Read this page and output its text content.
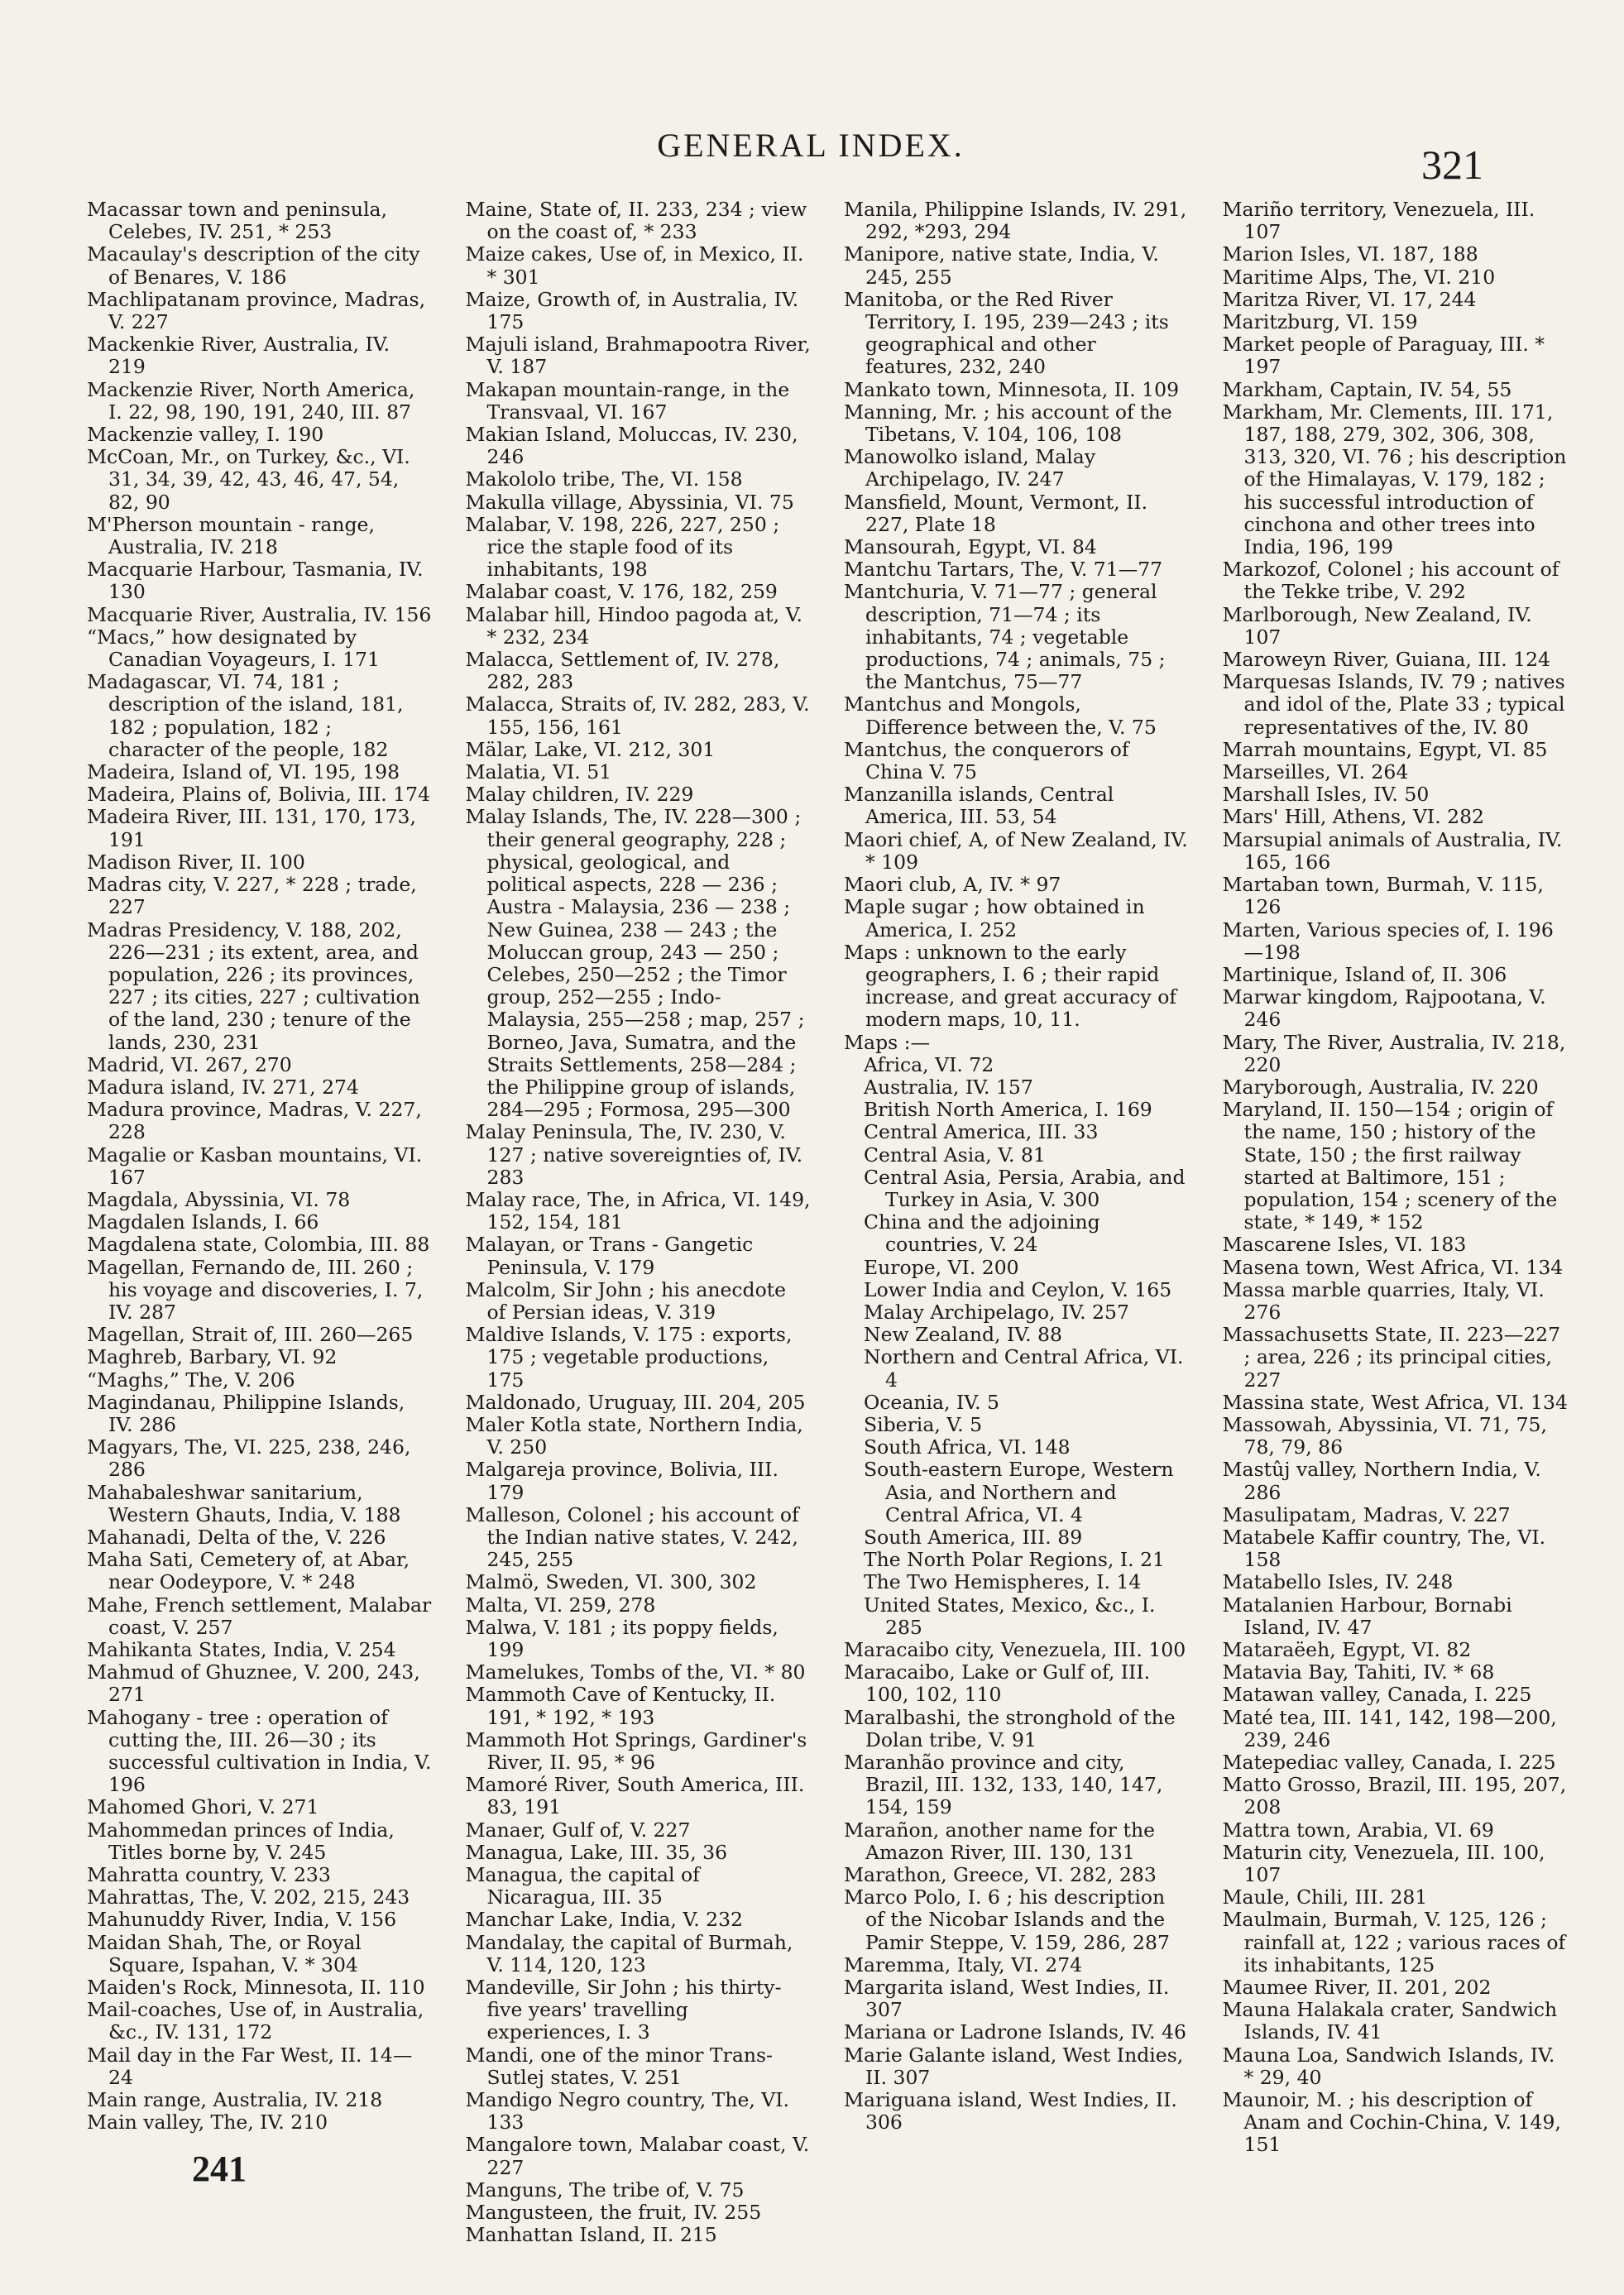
GENERAL INDEX.	321
Macassar town and peninsula, Celebes, IV. 251, * 253
Macaulay's description of the city of Benares, V. 186
Machlipatanam province, Madras, V. 227
Mackenkie River, Australia, IV. 219
Mackenzie River, North America, I. 22, 98, 190, 191, 240, III. 87
Mackenzie valley, I. 190
McCoan, Mr., on Turkey, &c., VI. 31, 34, 39, 42, 43, 46, 47, 54, 82, 90
M'Pherson mountain - range, Australia, IV. 218
Macquarie Harbour, Tasmania, IV. 130
Macquarie River, Australia, IV. 156
“Macs,” how designated by Canadian Voyageurs, I. 171
Madagascar, VI. 74, 181 ; description of the island, 181, 182 ; population, 182 ; character of the people, 182
Madeira, Island of, VI. 195, 198
Madeira, Plains of, Bolivia, III. 174
Madeira River, III. 131, 170, 173, 191
Madison River, II. 100
Madras city, V. 227, * 228 ; trade, 227
Madras Presidency, V. 188, 202, 226—231 ; its extent, area, and population, 226 ; its provinces, 227 ; its cities, 227 ; cultivation of the land, 230 ; tenure of the lands, 230, 231
Madrid, VI. 267, 270
Madura island, IV. 271, 274
Madura province, Madras, V. 227, 228
Magalie or Kasban mountains, VI. 167
Magdala, Abyssinia, VI. 78
Magdalen Islands, I. 66
Magdalena state, Colombia, III. 88
Magellan, Fernando de, III. 260 ; his voyage and discoveries, I. 7, IV. 287
Magellan, Strait of, III. 260—265
Maghreb, Barbary, VI. 92
“Maghs,” The, V. 206
Magindanau, Philippine Islands, IV. 286
Magyars, The, VI. 225, 238, 246, 286
Mahabaleshwar sanitarium, Western Ghauts, India, V. 188
Mahanadi, Delta of the, V. 226
Maha Sati, Cemetery of, at Abar, near Oodeypore, V. * 248
Mahe, French settlement, Malabar coast, V. 257
Mahikanta States, India, V. 254
Mahmud of Ghuznee, V. 200, 243, 271
Mahogany - tree : operation of cutting the, III. 26—30 ; its successful cultivation in India, V. 196
Mahomed Ghori, V. 271
Mahommedan princes of India, Titles borne by, V. 245
Mahratta country, V. 233
Mahrattas, The, V. 202, 215, 243
Mahunuddy River, India, V. 156
Maidan Shah, The, or Royal Square, Ispahan, V. * 304
Maiden's Rock, Minnesota, II. 110
Mail-coaches, Use of, in Australia, &c., IV. 131, 172
Mail day in the Far West, II. 14—24
Main range, Australia, IV. 218
Main valley, The, IV. 210
Maine, State of, II. 233, 234 ; view on the coast of, * 233
Maize cakes, Use of, in Mexico, II. * 301
Maize, Growth of, in Australia, IV. 175
Majuli island, Brahmapootra River, V. 187
Makapan mountain-range, in the Transvaal, VI. 167
Makian Island, Moluccas, IV. 230, 246
Makololo tribe, The, VI. 158
Makulla village, Abyssinia, VI. 75
Malabar, V. 198, 226, 227, 250 ; rice the staple food of its inhabitants, 198
Malabar coast, V. 176, 182, 259
Malabar hill, Hindoo pagoda at, V. * 232, 234
Malacca, Settlement of, IV. 278, 282, 283
Malacca, Straits of, IV. 282, 283, V. 155, 156, 161
Mälar, Lake, VI. 212, 301
Malatia, VI. 51
Malay children, IV. 229
Malay Islands, The, IV. 228—300 ; their general geography, 228 ; physical, geological, and political aspects, 228 — 236 ; Austra - Malaysia, 236 — 238 ; New Guinea, 238 — 243 ; the Moluccan group, 243 — 250 ; Celebes, 250—252 ; the Timor group, 252—255 ; Indo-Malaysia, 255—258 ; map, 257 ; Borneo, Java, Sumatra, and the Straits Settlements, 258—284 ; the Philippine group of islands, 284—295 ; Formosa, 295—300
Malay Peninsula, The, IV. 230, V. 127 ; native sovereignties of, IV. 283
Malay race, The, in Africa, VI. 149, 152, 154, 181
Malayan, or Trans - Gangetic Peninsula, V. 179
Malcolm, Sir John ; his anecdote of Persian ideas, V. 319
Maldive Islands, V. 175 : exports, 175 ; vegetable productions, 175
Maldonado, Uruguay, III. 204, 205
Maler Kotla state, Northern India, V. 250
Malgareja province, Bolivia, III. 179
Malleson, Colonel ; his account of the Indian native states, V. 242, 245, 255
Malmö, Sweden, VI. 300, 302
Malta, VI. 259, 278
Malwa, V. 181 ; its poppy fields, 199
Mamelukes, Tombs of the, VI. * 80
Mammoth Cave of Kentucky, II. 191, * 192, * 193
Mammoth Hot Springs, Gardiner's River, II. 95, * 96
Mamoré River, South America, III. 83, 191
Manaer, Gulf of, V. 227
Managua, Lake, III. 35, 36
Managua, the capital of Nicaragua, III. 35
Manchar Lake, India, V. 232
Mandalay, the capital of Burmah, V. 114, 120, 123
Mandeville, Sir John ; his thirty-five years' travelling experiences, I. 3
Mandi, one of the minor Trans-Sutlej states, V. 251
Mandigo Negro country, The, VI. 133
Mangalore town, Malabar coast, V. 227
Manguns, The tribe of, V. 75
Mangusteen, the fruit, IV. 255
Manhattan Island, II. 215
Manila, Philippine Islands, IV. 291, 292, *293, 294
Manipore, native state, India, V. 245, 255
Manitoba, or the Red River Territory, I. 195, 239—243 ; its geographical and other features, 232, 240
Mankato town, Minnesota, II. 109
Manning, Mr. ; his account of the Tibetans, V. 104, 106, 108
Manowolko island, Malay Archipelago, IV. 247
Mansfield, Mount, Vermont, II. 227, Plate 18
Mansourah, Egypt, VI. 84
Mantchu Tartars, The, V. 71—77
Mantchuria, V. 71—77 ; general description, 71—74 ; its inhabitants, 74 ; vegetable productions, 74 ; animals, 75 ; the Mantchus, 75—77
Mantchus and Mongols, Difference between the, V. 75
Mantchus, the conquerors of China V. 75
Manzanilla islands, Central America, III. 53, 54
Maori chief, A, of New Zealand, IV. * 109
Maori club, A, IV. * 97
Maple sugar ; how obtained in America, I. 252
Maps : unknown to the early geographers, I. 6 ; their rapid increase, and great accuracy of modern maps, 10, 11.
Maps :—
Africa, VI. 72
Australia, IV. 157
British North America, I. 169
Central America, III. 33
Central Asia, V. 81
Central Asia, Persia, Arabia, and Turkey in Asia, V. 300
China and the adjoining countries, V. 24
Europe, VI. 200
Lower India and Ceylon, V. 165
Malay Archipelago, IV. 257
New Zealand, IV. 88
Northern and Central Africa, VI. 4
Oceania, IV. 5
Siberia, V. 5
South Africa, VI. 148
South-eastern Europe, Western Asia, and Northern and Central Africa, VI. 4
South America, III. 89
The North Polar Regions, I. 21
The Two Hemispheres, I. 14
United States, Mexico, &c., I. 285
Maracaibo city, Venezuela, III. 100
Maracaibo, Lake or Gulf of, III. 100, 102, 110
Maralbashi, the stronghold of the Dolan tribe, V. 91
Maranhão province and city, Brazil, III. 132, 133, 140, 147, 154, 159
Marañon, another name for the Amazon River, III. 130, 131
Marathon, Greece, VI. 282, 283
Marco Polo, I. 6 ; his description of the Nicobar Islands and the Pamir Steppe, V. 159, 286, 287
Maremma, Italy, VI. 274
Margarita island, West Indies, II. 307
Mariana or Ladrone Islands, IV. 46
Marie Galante island, West Indies, II. 307
Mariguana island, West Indies, II. 306
Mariño territory, Venezuela, III. 107
Marion Isles, VI. 187, 188
Maritime Alps, The, VI. 210
Maritza River, VI. 17, 244
Maritzburg, VI. 159
Market people of Paraguay, III. * 197
Markham, Captain, IV. 54, 55
Markham, Mr. Clements, III. 171, 187, 188, 279, 302, 306, 308, 313, 320, VI. 76 ; his description of the Himalayas, V. 179, 182 ; his successful introduction of cinchona and other trees into India, 196, 199
Markozof, Colonel ; his account of the Tekke tribe, V. 292
Marlborough, New Zealand, IV. 107
Maroweyn River, Guiana, III. 124
Marquesas Islands, IV. 79 ; natives and idol of the, Plate 33 ; typical representatives of the, IV. 80
Marrah mountains, Egypt, VI. 85
Marseilles, VI. 264
Marshall Isles, IV. 50
Mars' Hill, Athens, VI. 282
Marsupial animals of Australia, IV. 165, 166
Martaban town, Burmah, V. 115, 126
Marten, Various species of, I. 196—198
Martinique, Island of, II. 306
Marwar kingdom, Rajpootana, V. 246
Mary, The River, Australia, IV. 218, 220
Maryborough, Australia, IV. 220
Maryland, II. 150—154 ; origin of the name, 150 ; history of the State, 150 ; the first railway started at Baltimore, 151 ; population, 154 ; scenery of the state, * 149, * 152
Mascarene Isles, VI. 183
Masena town, West Africa, VI. 134
Massa marble quarries, Italy, VI. 276
Massachusetts State, II. 223—227 ; area, 226 ; its principal cities, 227
Massina state, West Africa, VI. 134
Massowah, Abyssinia, VI. 71, 75, 78, 79, 86
Mastûj valley, Northern India, V. 286
Masulipatam, Madras, V. 227
Matabele Kaffir country, The, VI. 158
Matabello Isles, IV. 248
Matalanien Harbour, Bornabi Island, IV. 47
Mataraëeh, Egypt, VI. 82
Matavia Bay, Tahiti, IV. * 68
Matawan valley, Canada, I. 225
Maté tea, III. 141, 142, 198—200, 239, 246
Matepediac valley, Canada, I. 225
Matto Grosso, Brazil, III. 195, 207, 208
Mattra town, Arabia, VI. 69
Maturin city, Venezuela, III. 100, 107
Maule, Chili, III. 281
Maulmain, Burmah, V. 125, 126 ; rainfall at, 122 ; various races of its inhabitants, 125
Maumee River, II. 201, 202
Mauna Halakala crater, Sandwich Islands, IV. 41
Mauna Loa, Sandwich Islands, IV. * 29, 40
Maunoir, M. ; his description of Anam and Cochin-China, V. 149, 151
241
